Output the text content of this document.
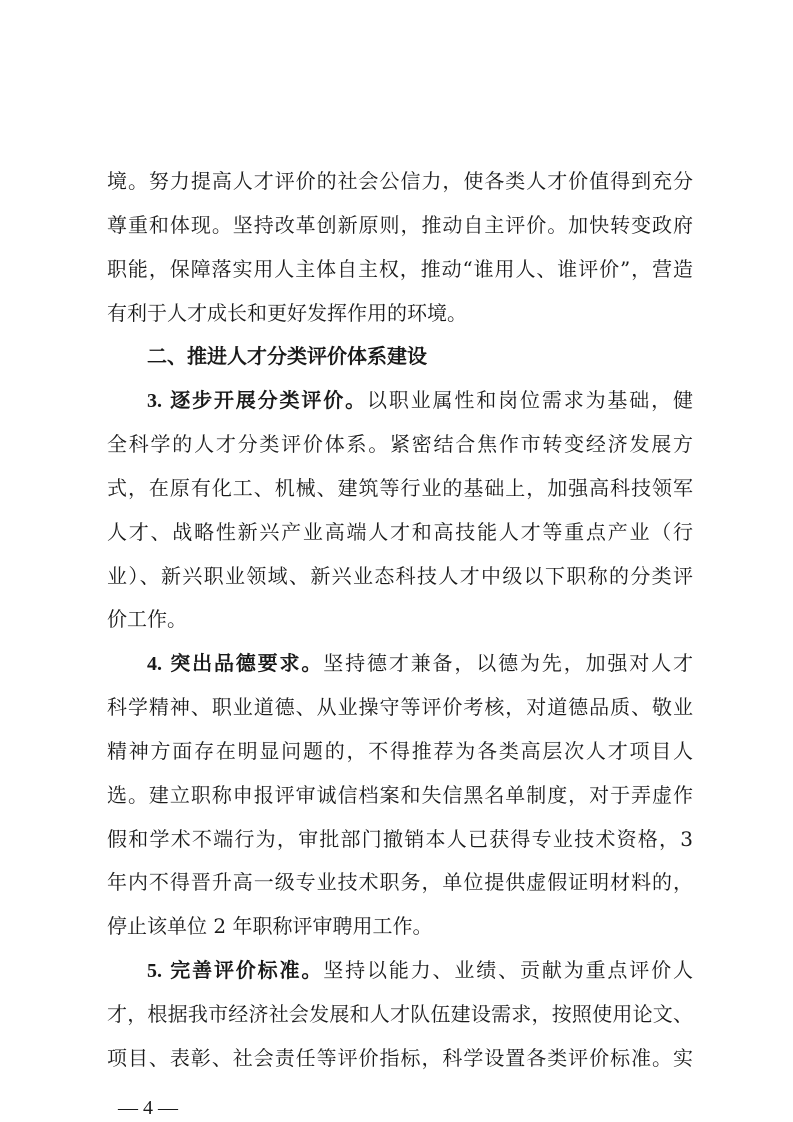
境。努力提高人才评价的社会公信力，使各类人才价值得到充分
尊重和体现。坚持改革创新原则，推动自主评价。加快转变政府
职能，保障落实用人主体自主权，推动“谁用人、谁评价”，营造
有利于人才成长和更好发挥作用的环境。
二、推进人才分类评价体系建设
3. 逐步开展分类评价。以职业属性和岗位需求为基础，健
全科学的人才分类评价体系。紧密结合焦作市转变经济发展方
式，在原有化工、机械、建筑等行业的基础上，加强高科技领军
人才、战略性新兴产业高端人才和高技能人才等重点产业（行
业）、新兴职业领域、新兴业态科技人才中级以下职称的分类评
价工作。
4. 突出品德要求。坚持德才兼备，以德为先，加强对人才
科学精神、职业道德、从业操守等评价考核，对道德品质、敬业
精神方面存在明显问题的，不得推荐为各类高层次人才项目人
选。建立职称申报评审诚信档案和失信黑名单制度，对于弄虚作
假和学术不端行为，审批部门撤销本人已获得专业技术资格，3
年内不得晋升高一级专业技术职务，单位提供虚假证明材料的，
停止该单位 2 年职称评审聘用工作。
5. 完善评价标准。坚持以能力、业绩、贡献为重点评价人
才，根据我市经济社会发展和人才队伍建设需求，按照使用论文、
项目、表彰、社会责任等评价指标，科学设置各类评价标准。实
— 4 —
